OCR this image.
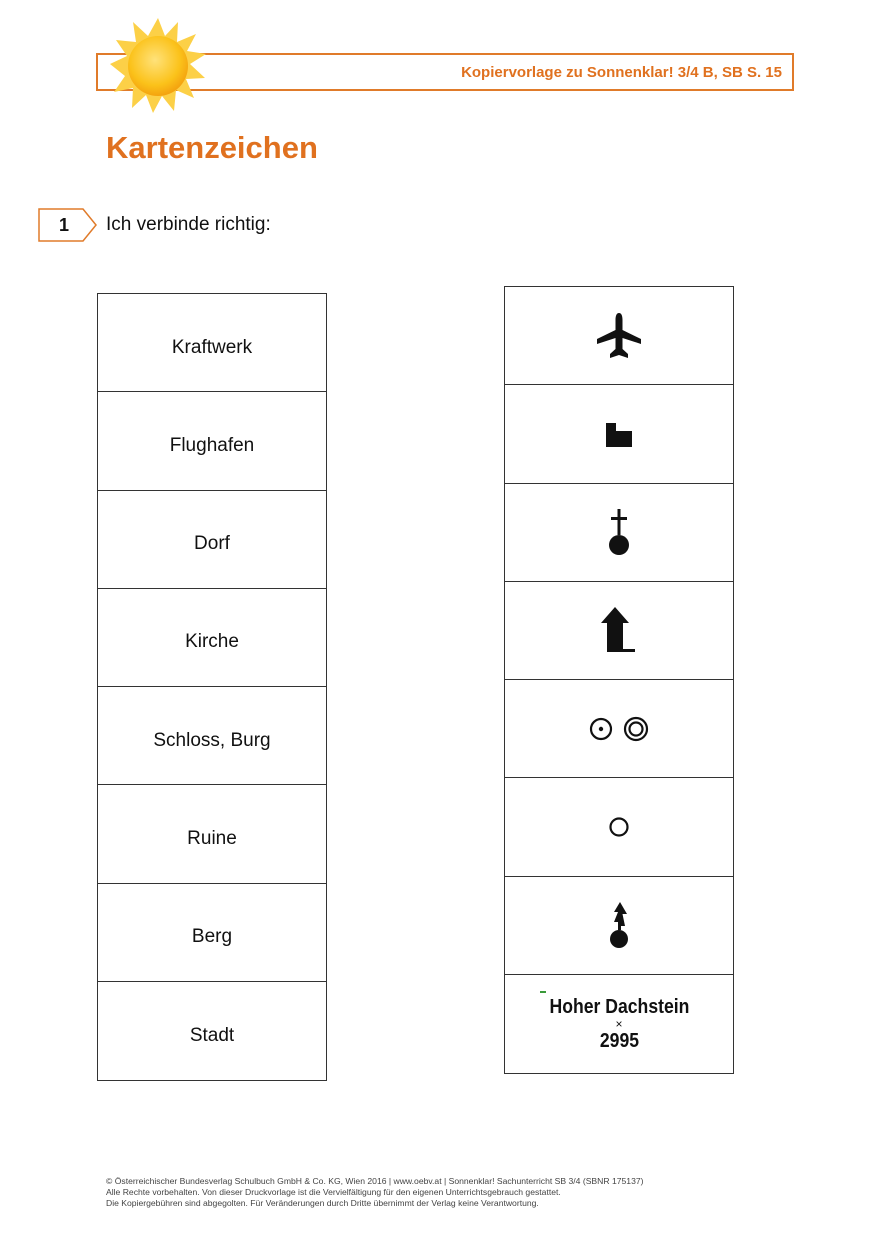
Kopiervorlage zu Sonnenklar! 3/4 B, SB S. 15
Kartenzeichen
1	Ich verbinde richtig:
Kraftwerk
Flughafen
Dorf
Kirche
Schloss, Burg
Ruine
Berg
Stadt
Hoher Dachstein
×
2995
© Österreichischer Bundesverlag Schulbuch GmbH & Co. KG, Wien 2016 | www.oebv.at | Sonnenklar! Sachunterricht SB 3/4 (SBNR 175137)
Alle Rechte vorbehalten. Von dieser Druckvorlage ist die Vervielfältigung für den eigenen Unterrichtsgebrauch gestattet.
Die Kopiergebühren sind abgegolten. Für Veränderungen durch Dritte übernimmt der Verlag keine Verantwortung.
